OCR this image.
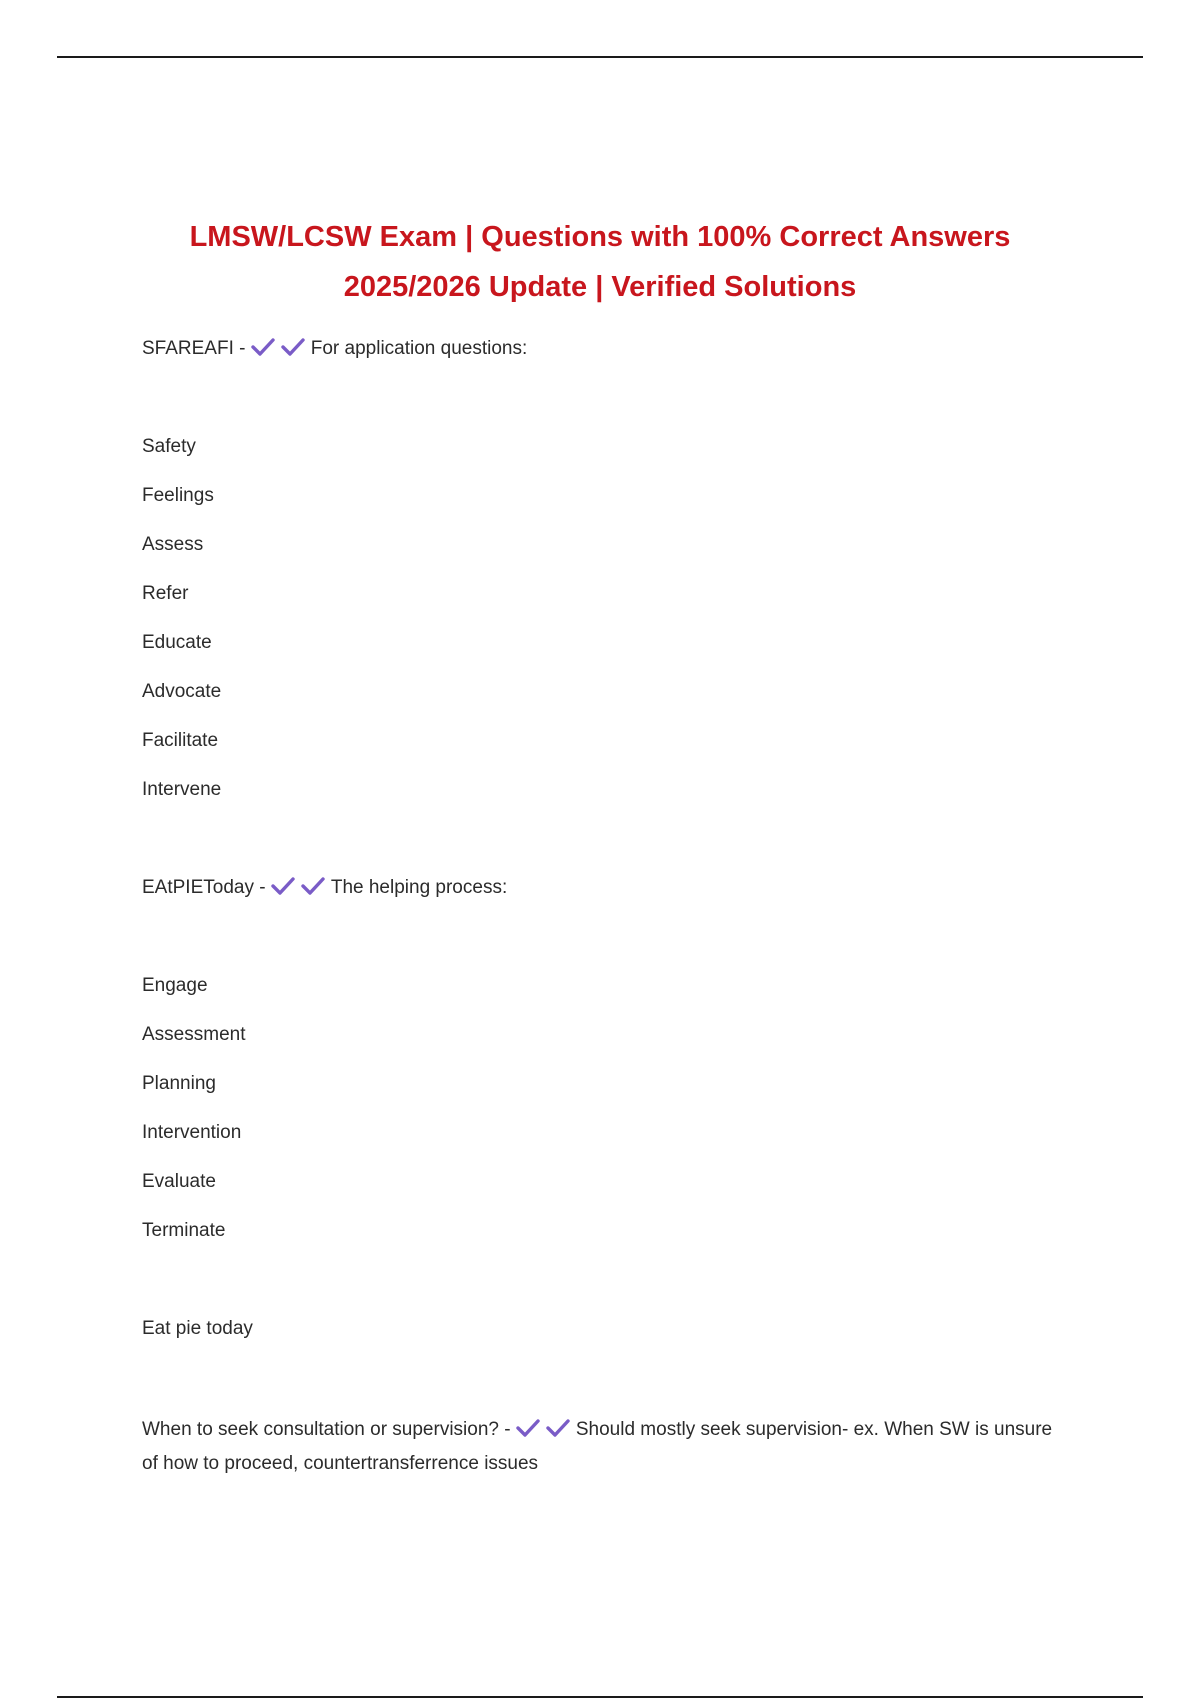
LMSW/LCSW Exam | Questions with 100% Correct Answers
2025/2026 Update | Verified Solutions
SFAREAFI -	For application questions:
Safety
Feelings
Assess
Refer
Educate
Advocate
Facilitate
Intervene
EAtPIEToday -	The helping process:
Engage
Assessment
Planning
Intervention
Evaluate
Terminate
Eat pie today
When to seek consultation or supervision? -	Should mostly seek supervision- ex. When SW is unsure of how to proceed, countertransferrence issues
